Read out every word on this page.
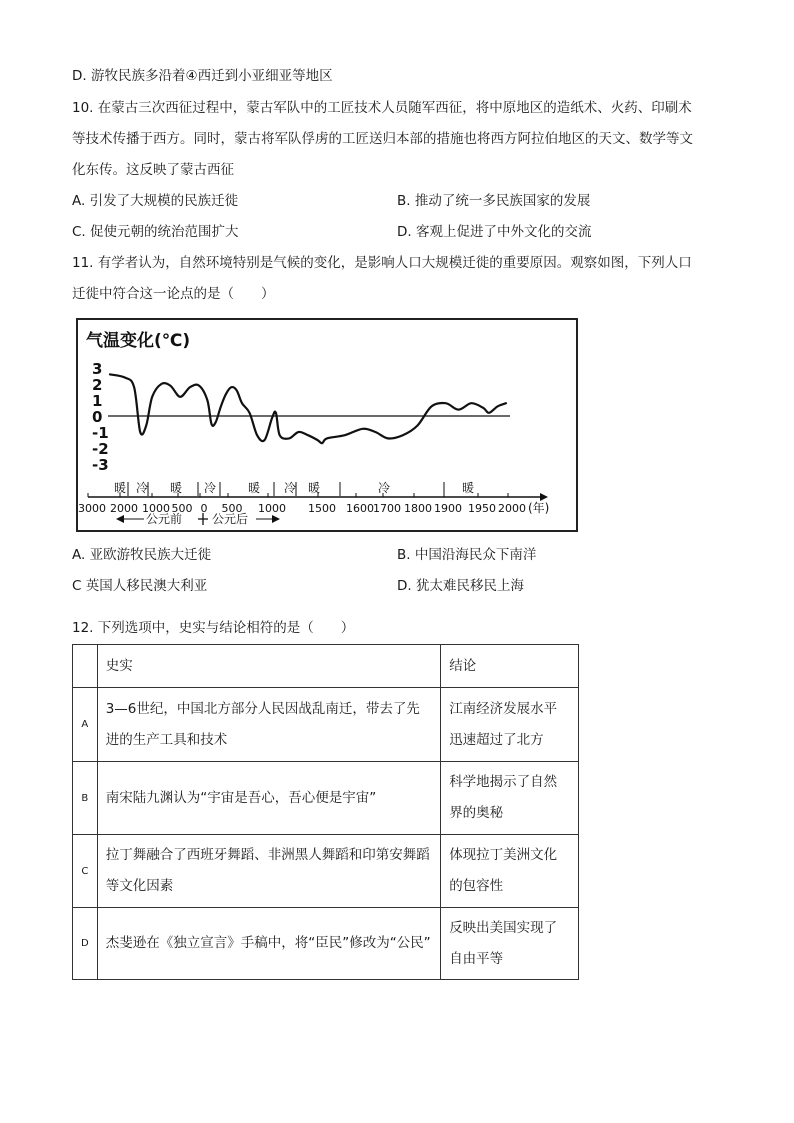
D. 游牧民族多沿着④西迁到小亚细亚等地区
10. 在蒙古三次西征过程中，蒙古军队中的工匠技术人员随军西征，将中原地区的造纸术、火药、印刷术
等技术传播于西方。同时，蒙古将军队俘虏的工匠送归本部的措施也将西方阿拉伯地区的天文、数学等文
化东传。这反映了蒙古西征
A. 引发了大规模的民族迁徙	B. 推动了统一多民族国家的发展
C. 促使元朝的统治范围扩大	D. 客观上促进了中外文化的交流
11. 有学者认为，自然环境特别是气候的变化，是影响人口大规模迁徙的重要原因。观察如图，下列人口
迁徙中符合这一论点的是（　　）
气温变化(℃)
3
2
1
0
-1
-2
-3
暖 冷 暖 冷	暖 冷 暖	冷	暖
3000 2000 1000 500 0 500 1000 1500 1600 1700 1800 1900 1950 2000 (年)
公元前 公元后
A. 亚欧游牧民族大迁徙	B. 中国沿海民众下南洋
C 英国人移民澳大利亚	D. 犹太难民移民上海
12. 下列选项中，史实与结论相符的是（　　）
	史实	结论
A	3—6世纪，中国北方部分人民因战乱南迁，带去了先进的生产工具和技术	江南经济发展水平迅速超过了北方

B	南宋陆九渊认为“宇宙是吾心，吾心便是宇宙”	科学地揭示了自然界的奥秘

C	拉丁舞融合了西班牙舞蹈、非洲黑人舞蹈和印第安舞蹈等文化因素	体现拉丁美洲文化的包容性

D	杰斐逊在《独立宣言》手稿中，将“臣民”修改为“公民”	反映出美国实现了自由平等
